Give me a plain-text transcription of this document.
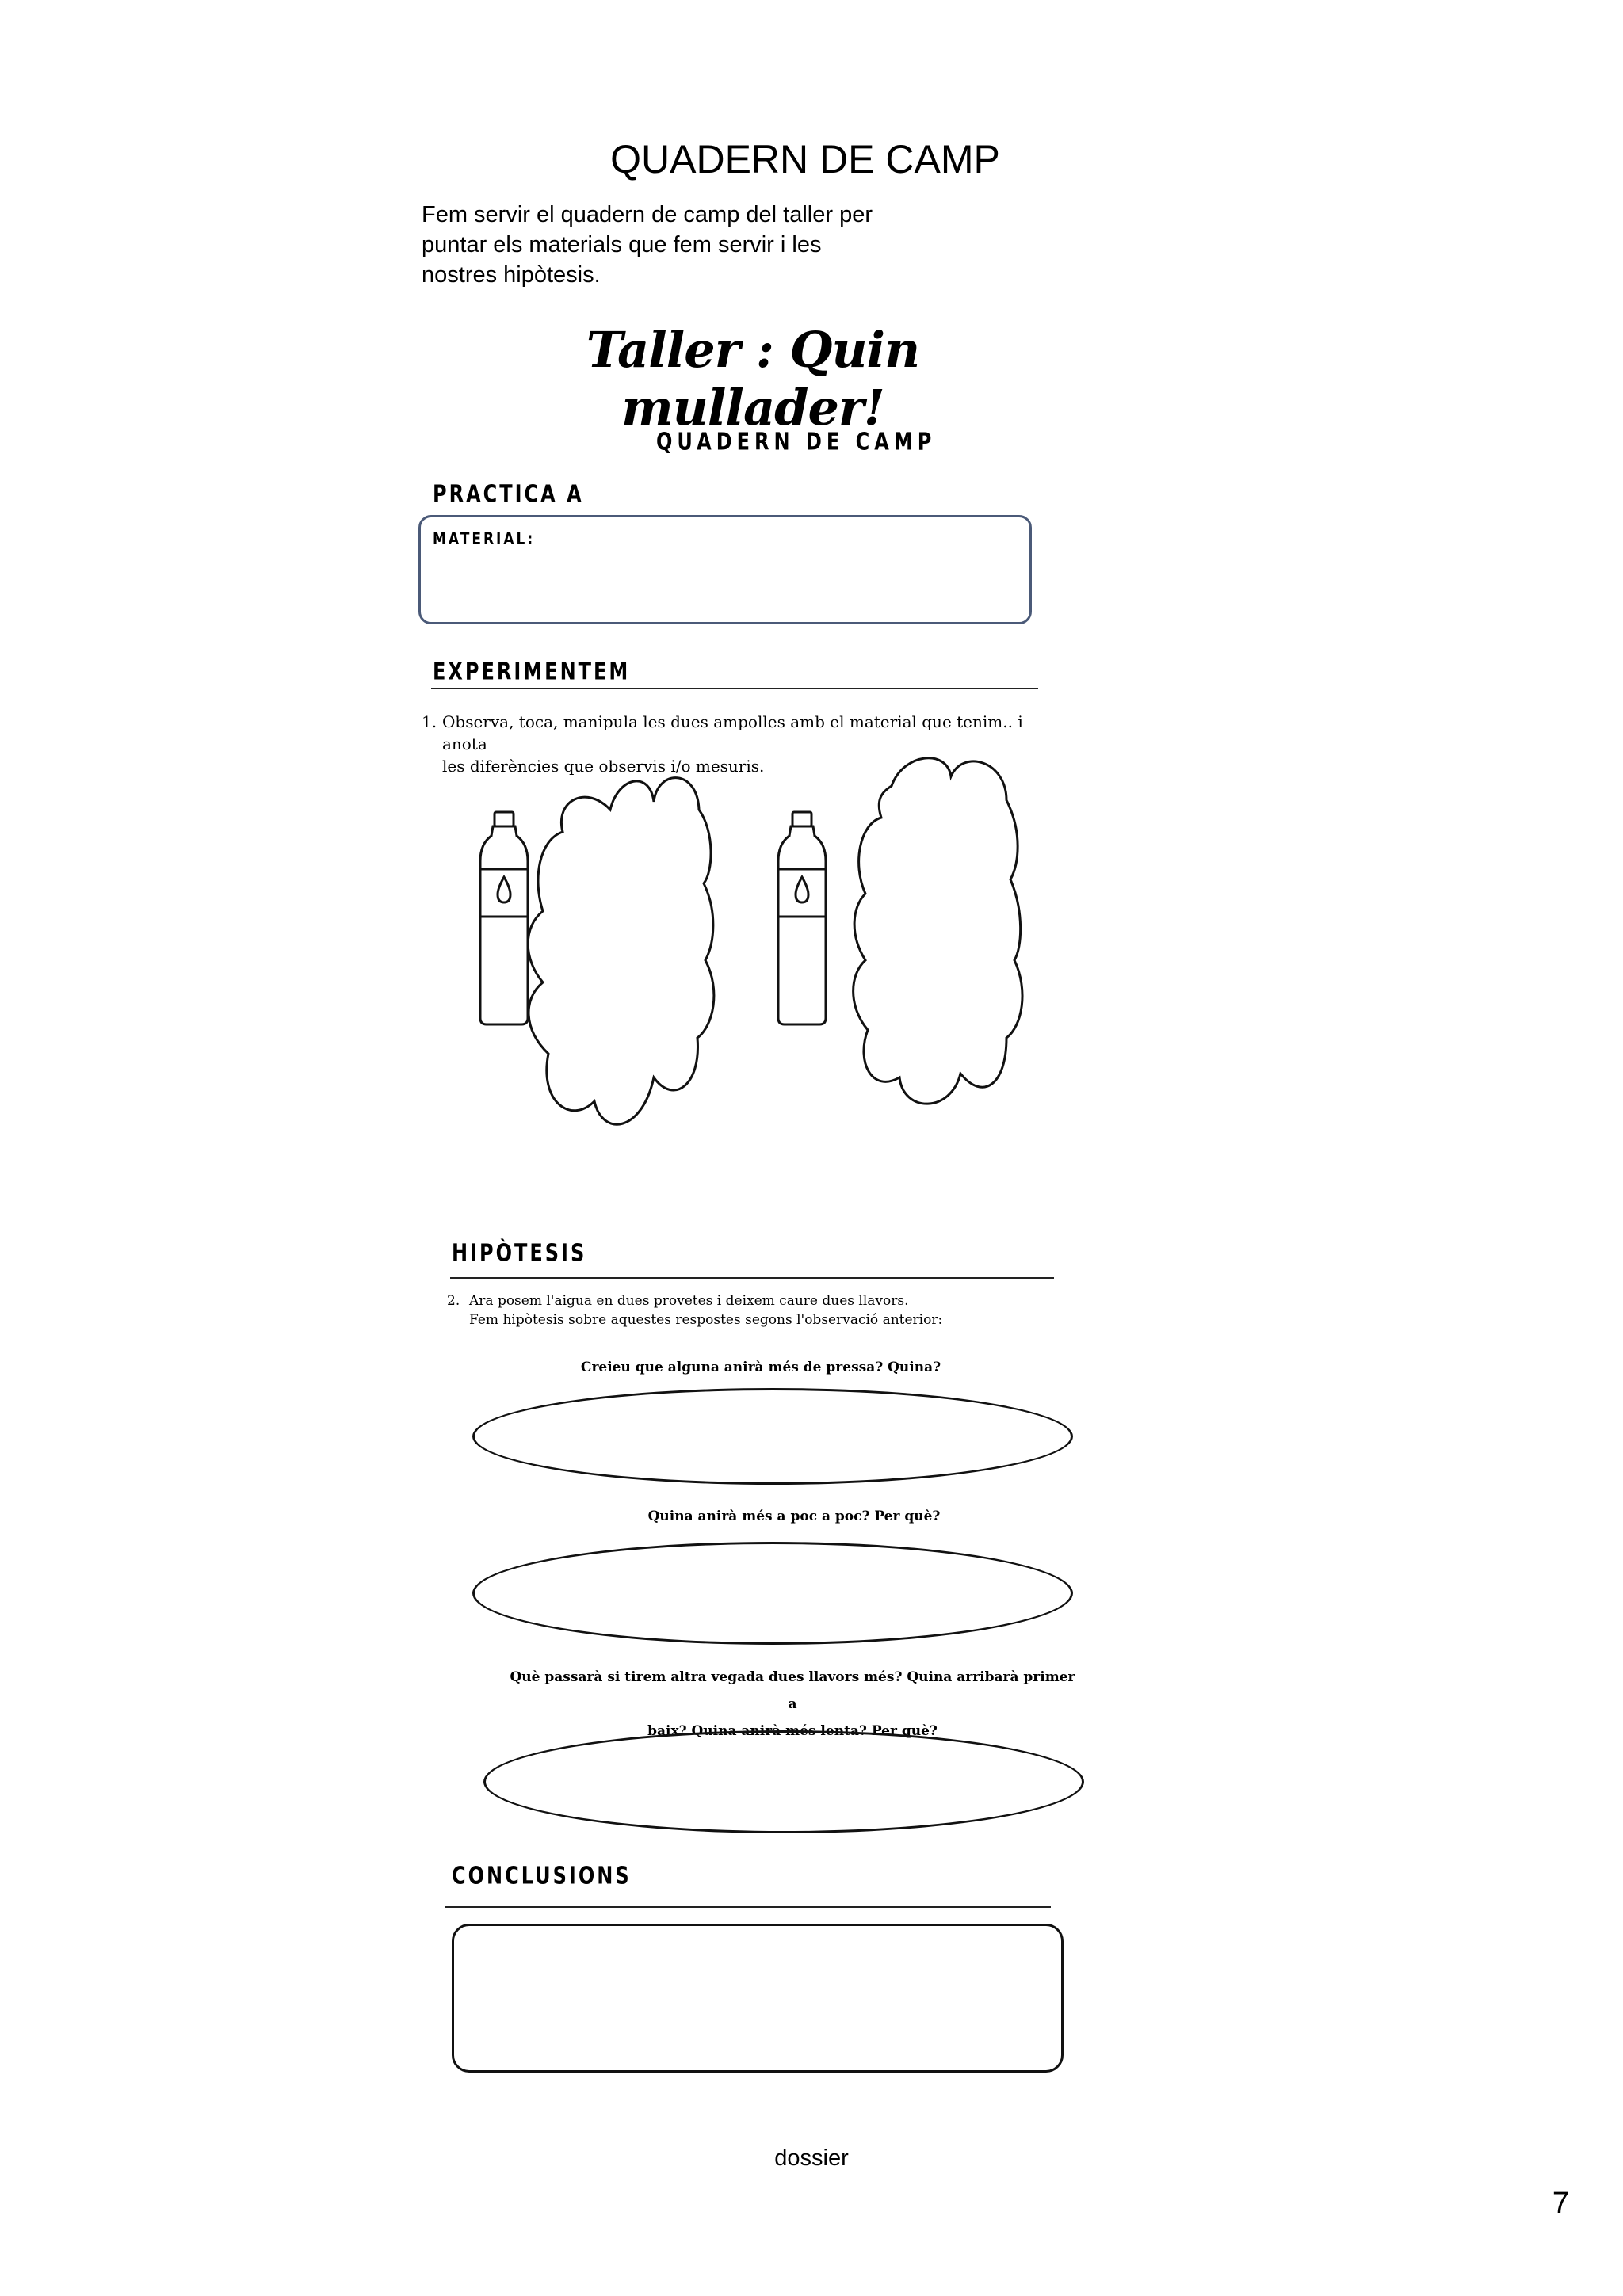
QUADERN DE CAMP
Fem servir el quadern de camp del taller per
puntar els materials que fem servir i les
nostres hipòtesis.
Taller : Quin mullader!
QUADERN DE CAMP
PRACTICA A
MATERIAL:
EXPERIMENTEM
1. Observa, toca, manipula les dues ampolles amb el material que tenim.. i anota
les diferències que observis i/o mesuris.
HIPÒTESIS
2. Ara posem l'aigua en dues provetes i deixem caure dues llavors.
Fem hipòtesis sobre aquestes respostes segons l'observació anterior:
Creieu que alguna anirà més de pressa? Quina?
Quina anirà més a poc a poc? Per què?
Què passarà si tirem altra vegada dues llavors més? Quina arribarà primer a
baix? Quina anirà més lenta? Per què?
CONCLUSIONS
dossier
7
